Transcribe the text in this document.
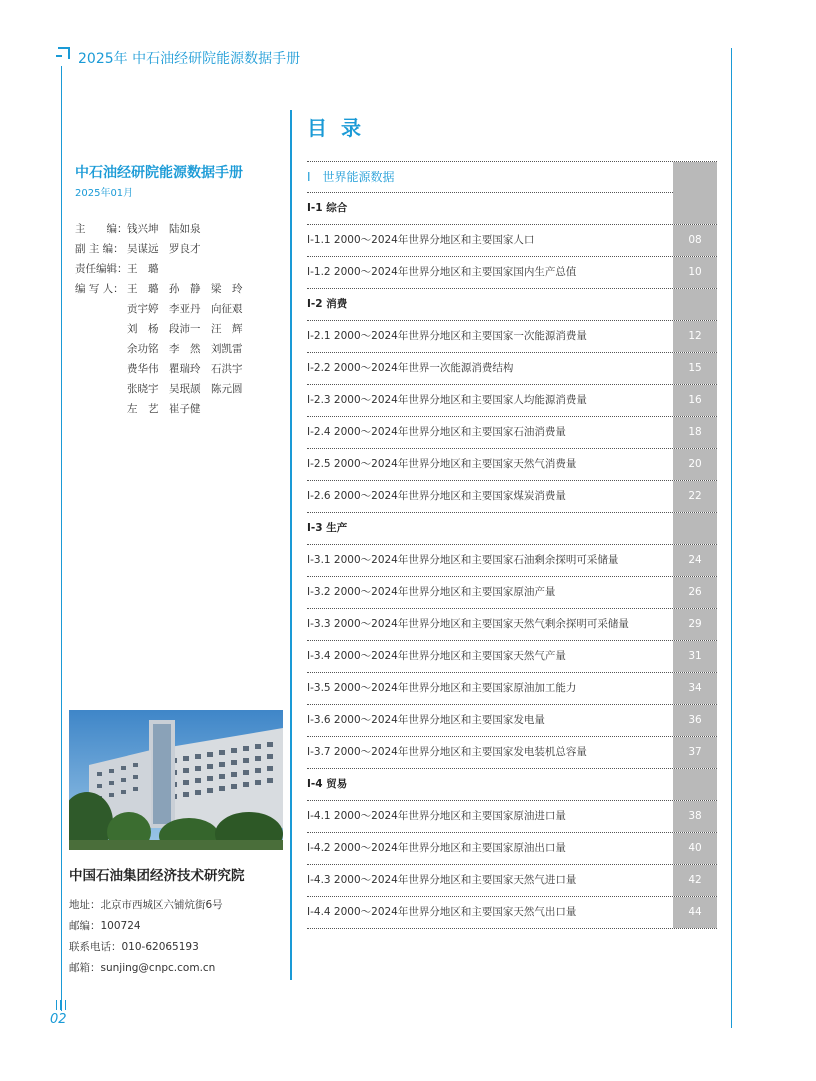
2025年 中石油经研院能源数据手册
02
中石油经研院能源数据手册
2025年01月
主　　编： 钱兴坤　陆如泉
副 主 编： 吴谋远　罗良才
责任编辑： 王　璐
编 写 人： 王　璐　孙　静　梁　玲
贡宇婷　李亚丹　向征艰
刘　杨　段沛一　汪　辉
余功铭　李　然　刘凯雷
费华伟　瞿瑞玲　石洪宇
张晓宇　吴珉颉　陈元圆
左　艺　崔子健
中国石油集团经济技术研究院
地址：北京市西城区六铺炕街6号
邮编：100724
联系电话：010-62065193
邮箱：sunjing@cnpc.com.cn
目录
I　世界能源数据
I-1 综合
I-1.1 2000～2024年世界分地区和主要国家人口	08
I-1.2 2000～2024年世界分地区和主要国家国内生产总值	10
I-2 消费
I-2.1 2000～2024年世界分地区和主要国家一次能源消费量	12
I-2.2 2000～2024年世界一次能源消费结构	15
I-2.3 2000～2024年世界分地区和主要国家人均能源消费量	16
I-2.4 2000～2024年世界分地区和主要国家石油消费量	18
I-2.5 2000～2024年世界分地区和主要国家天然气消费量	20
I-2.6 2000～2024年世界分地区和主要国家煤炭消费量	22
I-3 生产
I-3.1 2000～2024年世界分地区和主要国家石油剩余探明可采储量	24
I-3.2 2000～2024年世界分地区和主要国家原油产量	26
I-3.3 2000～2024年世界分地区和主要国家天然气剩余探明可采储量	29
I-3.4 2000～2024年世界分地区和主要国家天然气产量	31
I-3.5 2000～2024年世界分地区和主要国家原油加工能力	34
I-3.6 2000～2024年世界分地区和主要国家发电量	36
I-3.7 2000～2024年世界分地区和主要国家发电装机总容量	37
I-4 贸易
I-4.1 2000～2024年世界分地区和主要国家原油进口量	38
I-4.2 2000～2024年世界分地区和主要国家原油出口量	40
I-4.3 2000～2024年世界分地区和主要国家天然气进口量	42
I-4.4 2000～2024年世界分地区和主要国家天然气出口量	44
